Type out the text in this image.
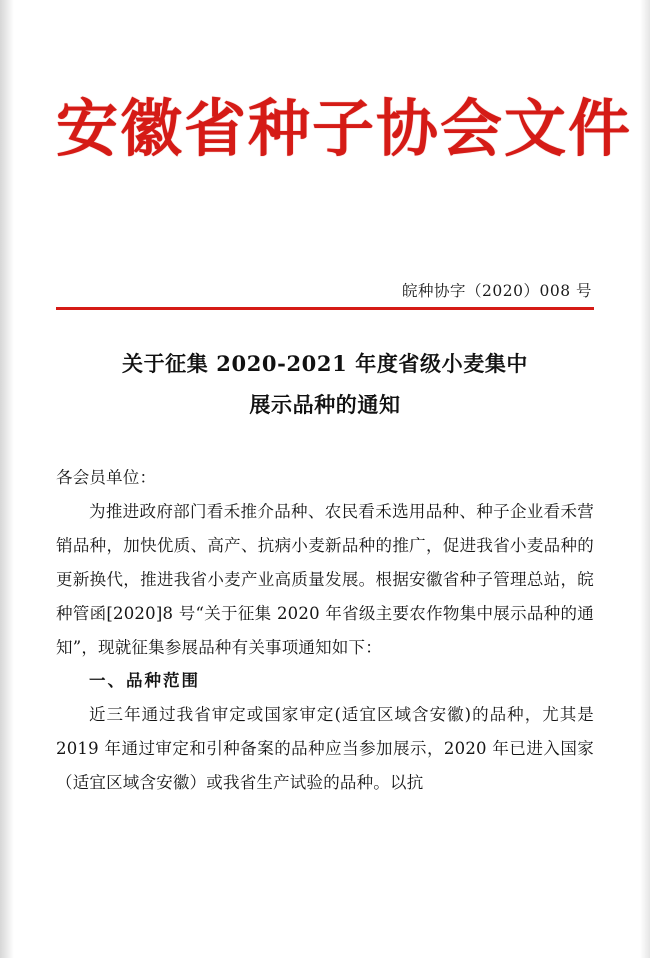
安徽省种子协会文件
皖种协字（2020）008 号
关于征集 2020-2021 年度省级小麦集中
展示品种的通知

各会员单位：

为推进政府部门看禾推介品种、农民看禾选用品种、种子企业看禾营销品种，加快优质、高产、抗病小麦新品种的推广，促进我省小麦品种的更新换代，推进我省小麦产业高质量发展。根据安徽省种子管理总站，皖种管函[2020]8 号“关于征集 2020 年省级主要农作物集中展示品种的通知”，现就征集参展品种有关事项通知如下：

一、品种范围

近三年通过我省审定或国家审定(适宜区域含安徽)的品种，尤其是 2019 年通过审定和引种备案的品种应当参加展示，2020 年已进入国家（适宜区域含安徽）或我省生产试验的品种。以抗
